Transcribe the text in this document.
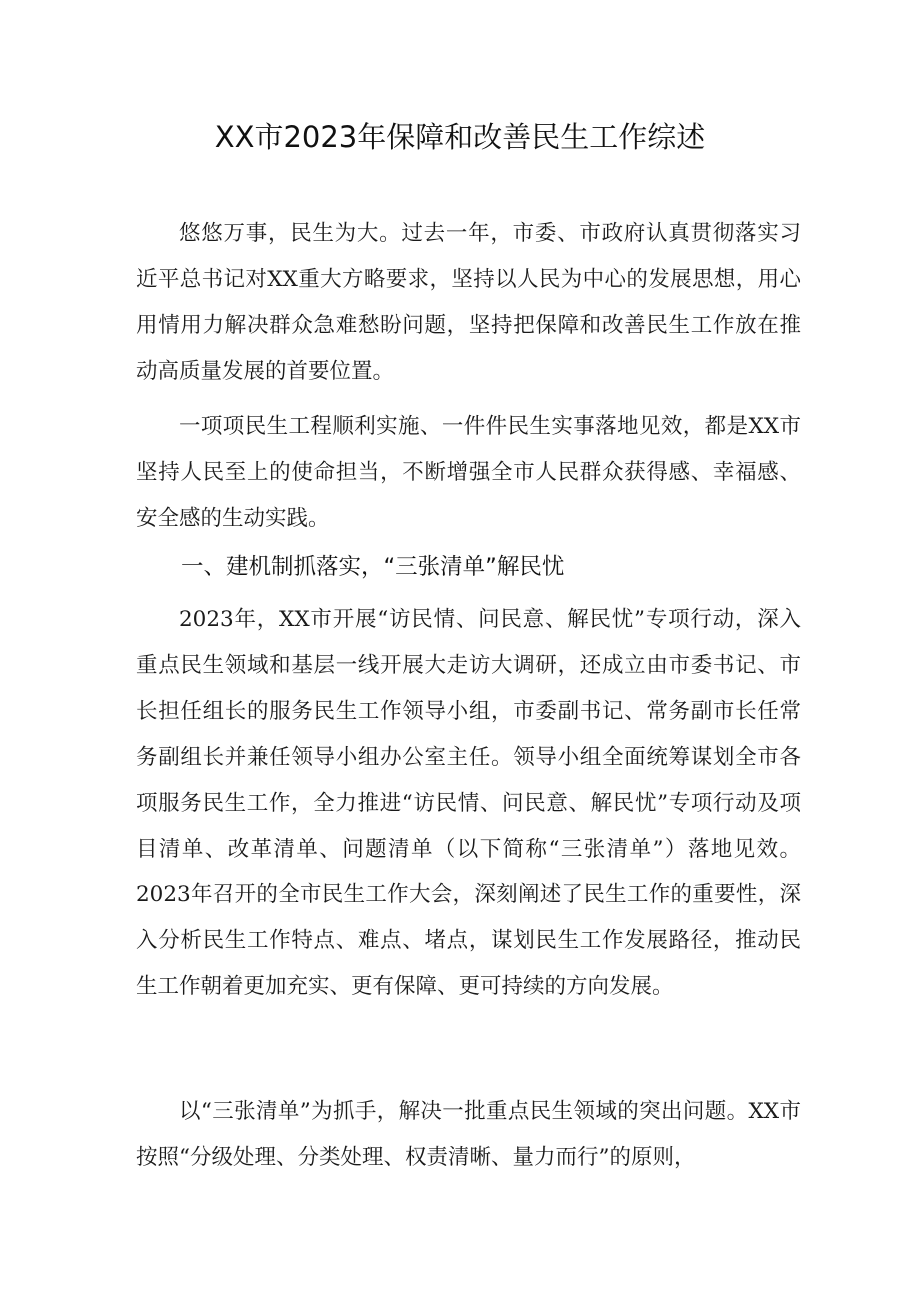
XX市2023年保障和改善民生工作综述

悠悠万事，民生为大。过去一年，市委、市政府认真贯彻落实习近平总书记对XX重大方略要求，坚持以人民为中心的发展思想，用心用情用力解决群众急难愁盼问题，坚持把保障和改善民生工作放在推动高质量发展的首要位置。

一项项民生工程顺利实施、一件件民生实事落地见效，都是XX市坚持人民至上的使命担当，不断增强全市人民群众获得感、幸福感、安全感的生动实践。

一、建机制抓落实，“三张清单”解民忧

2023年，XX市开展“访民情、问民意、解民忧”专项行动，深入重点民生领域和基层一线开展大走访大调研，还成立由市委书记、市长担任组长的服务民生工作领导小组，市委副书记、常务副市长任常务副组长并兼任领导小组办公室主任。领导小组全面统筹谋划全市各项服务民生工作，全力推进“访民情、问民意、解民忧”专项行动及项目清单、改革清单、问题清单（以下简称“三张清单”）落地见效。2023年召开的全市民生工作大会，深刻阐述了民生工作的重要性，深入分析民生工作特点、难点、堵点，谋划民生工作发展路径，推动民生工作朝着更加充实、更有保障、更可持续的方向发展。

以“三张清单”为抓手，解决一批重点民生领域的突出问题。XX市按照“分级处理、分类处理、权责清晰、量力而行”的原则，
